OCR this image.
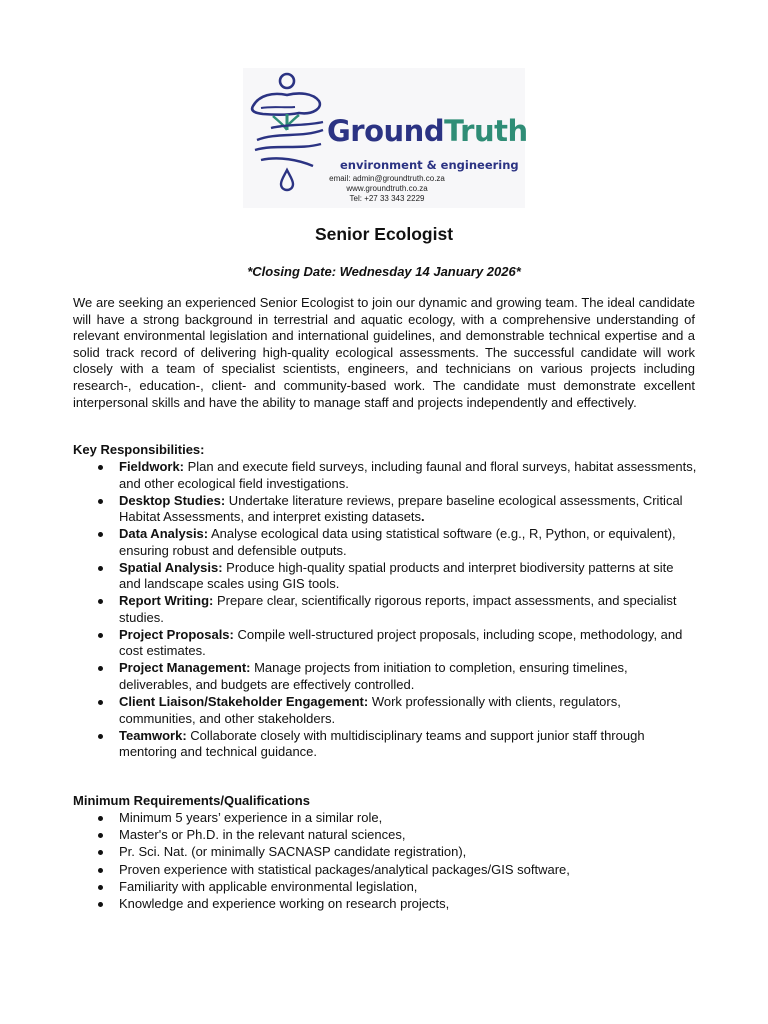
GroundTruth
environment & engineering
email: admin@groundtruth.co.za
www.groundtruth.co.za
Tel: +27 33 343 2229
Senior Ecologist
*Closing Date: Wednesday 14 January 2026*

We are seeking an experienced Senior Ecologist to join our dynamic and growing team. The ideal candidate will have a strong background in terrestrial and aquatic ecology, with a comprehensive understanding of relevant environmental legislation and international guidelines, and demonstrable technical expertise and a solid track record of delivering high-quality ecological assessments. The successful candidate will work closely with a team of specialist scientists, engineers, and technicians on various projects including research-, education-, client- and community-based work. The candidate must demonstrate excellent interpersonal skills and have the ability to manage staff and projects independently and effectively.

Key Responsibilities:

Fieldwork: Plan and execute field surveys, including faunal and floral surveys, habitat assessments, and other ecological field investigations.
Desktop Studies: Undertake literature reviews, prepare baseline ecological assessments, Critical Habitat Assessments, and interpret existing datasets.
Data Analysis: Analyse ecological data using statistical software (e.g., R, Python, or equivalent), ensuring robust and defensible outputs.
Spatial Analysis: Produce high-quality spatial products and interpret biodiversity patterns at site and landscape scales using GIS tools.
Report Writing: Prepare clear, scientifically rigorous reports, impact assessments, and specialist studies.
Project Proposals: Compile well-structured project proposals, including scope, methodology, and cost estimates.
Project Management: Manage projects from initiation to completion, ensuring timelines, deliverables, and budgets are effectively controlled.
Client Liaison/Stakeholder Engagement: Work professionally with clients, regulators, communities, and other stakeholders.
Teamwork: Collaborate closely with multidisciplinary teams and support junior staff through mentoring and technical guidance.

Minimum Requirements/Qualifications

Minimum 5 years’ experience in a similar role,
Master's or Ph.D. in the relevant natural sciences,
Pr. Sci. Nat. (or minimally SACNASP candidate registration),
Proven experience with statistical packages/analytical packages/GIS software,
Familiarity with applicable environmental legislation,
Knowledge and experience working on research projects,
